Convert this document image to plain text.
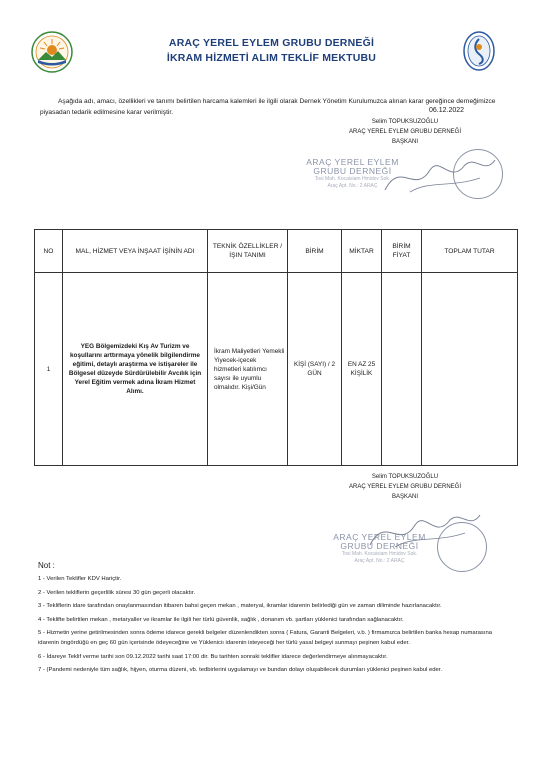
ARAÇ YEREL EYLEM GRUBU DERNEĞİ
İKRAM HİZMETİ ALIM TEKLİF MEKTUBU
Aşağıda adı, amacı, özellikleri ve tanımı belirtilen harcama kalemleri ile ilgili olarak Dernek Yönetim Kurulumuzca alınan karar gereğince derneğimizce piyasadan tedarik edilmesine karar verilmiştir.	06.12.2022
Selim TOPUKSUZOĞLU
ARAÇ YEREL EYLEM GRUBU DERNEĞİ
BAŞKANI
ARAÇ YEREL EYLEM
GRUBU DERNEĞİ
Tosi Mah. Kocaisiam Hmidov Sok.
Araç Apt. No.: 2 ARAÇ
NO	MAL, HİZMET VEYA İNŞAAT İŞİNİN ADI	TEKNİK ÖZELLİKLER / İŞIN TANIMI	BİRİM	MİKTAR	BİRİM FİYAT	TOPLAM TUTAR
1	YEG Bölgemizdeki Kış Av Turizm ve koşullarını arttırmaya yönelik bilgilendirme eğitimi, detaylı araştırma ve istişareler ile Bölgesel düzeyde Sürdürülebilir Avcılık için Yerel Eğitim vermek adına İkram Hizmet Alımı.	İkram Maliyetleri Yemekli Yiyecek-içecek hizmetleri katılımcı sayısı ile uyumlu olmalıdır. Kişi/Gün	KİŞİ (SAYI) / 2 GÜN	EN AZ 25 KİŞİLİK		
Selim TOPUKSUZOĞLU
ARAÇ YEREL EYLEM GRUBU DERNEĞİ
BAŞKANI
ARAÇ YEREL EYLEM
GRUBU DERNEĞİ
Tosi Mah. Kocaisiam Hmidov Sok.
Araç Apt. No.: 2 ARAÇ
Not :

1 - Verilen Teklifler KDV Hariçtir.

2 - Verilen tekliflerin geçerlilik süresi 30 gün geçerli olacaktır.

3 - Tekliflerin idare tarafından onaylanmasından itibaren bahsi geçen mekan , materyal, ikramlar idarenin belirlediği gün ve zaman diliminde hazırlanacaktır.

4 - Teklifte belirtilen mekan , metaryaller ve ikramlar ile ilgili her türlü güvenlik, sağlık , donanım vb. şartları yüklenici tarafından sağlanacaktır.

5 - Hizmetin yerine getirilmesinden sonra ödeme idarece gerekli belgeler düzenlendikten sonra ( Fatura, Garanti Belgeleri, v.b. ) firmamızca belirtilen banka hesap numarasına idarenin öngördüğü en geç 60 gün içerisinde ödeyeceğine ve Yükleniciı idarenin isteyeceği her türlü yasal belgeyi sunmayı peşinen kabul eder.

6 - İdareye Teklif verme tarihi son 09.12.2022 tarihi saat 17:00 dir. Bu tarihten sonraki teklifler idarece değerlendirmeye alınmayacaktır.

7 - (Pandemi nedeniyle tüm sağlık, hijyen, oturma düzeni, vb. tedbirlerini uygulamayı ve bundan dolayı oluşabilecek durumları yüklenici peşinen kabul eder.
